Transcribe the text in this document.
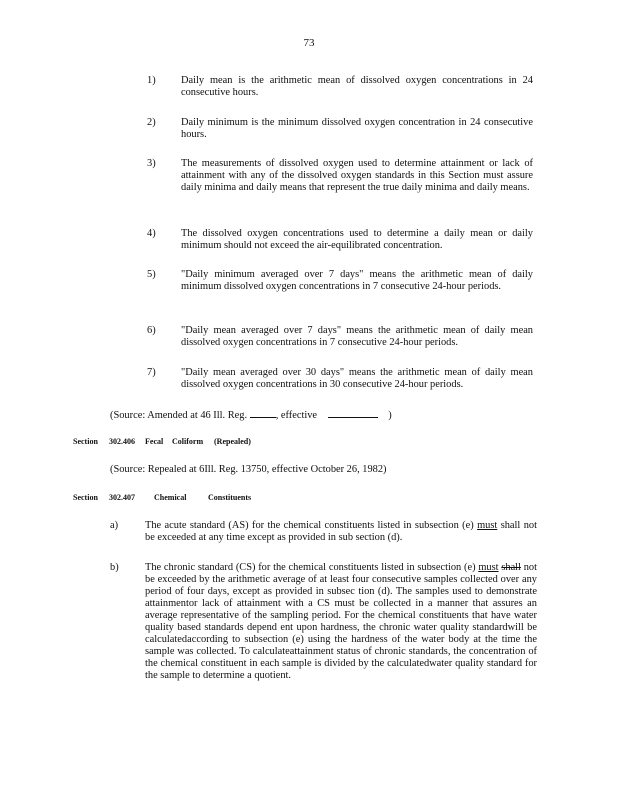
73
1) Daily mean is the arithmetic mean of dissolved oxygen concentrations in 24 consecutive hours.
2) Daily minimum is the minimum dissolved oxygen concentration in 24 consecutive hours.
3) The measurements of dissolved oxygen used to determine attainment or lack of attainment with any of the dissolved oxygen standards in this Section must assure daily minima and daily means that represent the true daily minima and daily means.
4) The dissolved oxygen concentrations used to determine a daily mean or daily minimum should not exceed the air-equilibrated concentration.
5) "Daily minimum averaged over 7 days" means the arithmetic mean of daily minimum dissolved oxygen concentrations in 7 consecutive 24-hour periods.
6) "Daily mean averaged over 7 days" means the arithmetic mean of daily mean dissolved oxygen concentrations in 7 consecutive 24-hour periods.
7) "Daily mean averaged over 30 days" means the arithmetic mean of daily mean dissolved oxygen concentrations in 30 consecutive 24-hour periods.
(Source: Amended at 46 Ill. Reg.	, effective	)
Section 302.406 Fecal Coliform (Repealed)
(Source: Repealed at 6Ill. Reg. 13750, effective October 26, 1982)
Section 302.407 Chemical	Constituents
a)	The acute standard (AS) for the chemical constituents listed in subsection (e) must shall not be exceeded at any time except as provided in sub section (d).
b)	The chronic standard (CS) for the chemical constituents listed in subsection (e) must shall not be exceeded by the arithmetic average of at least four consecutive samples collected over any period of four days, except as provided in subsec tion (d). The samples used to demonstrate attainmentor lack of attainment with a CS must be collected in a manner that assures an average representative of the sampling period. For the chemical constituents that have water quality based standards depend ent upon hardness, the chronic water quality standardwill be calculatedaccording to subsection (e) using the hardness of the water body at the time the sample was collected. To calculateattainment status of chronic standards, the concentration of the chemical constituent in each sample is divided by the calculatedwater quality standard for the sample to determine a quotient.
